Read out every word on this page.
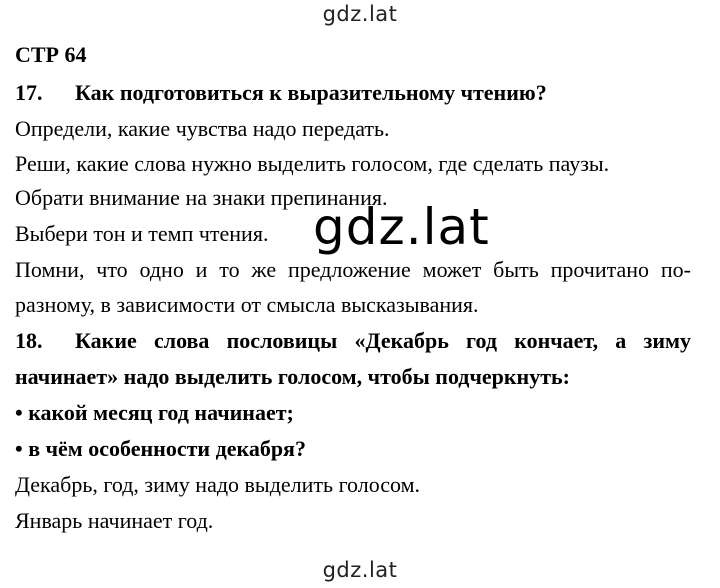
gdz.lat
СТР 64
17. Как подготовиться к выразительному чтению?
Определи, какие чувства надо передать.
Реши, какие слова нужно выделить голосом, где сделать паузы.
Обрати внимание на знаки препинания.
Выбери тон и темп чтения.
Помни, что одно и то же предложение может быть прочитано по-
разному, в зависимости от смысла высказывания.
18. Какие слова пословицы «Декабрь год кончает, а зиму
начинает» надо выделить голосом, чтобы подчеркнуть:
• какой месяц год начинает;
• в чём особенности декабря?
Декабрь, год, зиму надо выделить голосом.
Январь начинает год.
gdz.lat
gdz.lat
